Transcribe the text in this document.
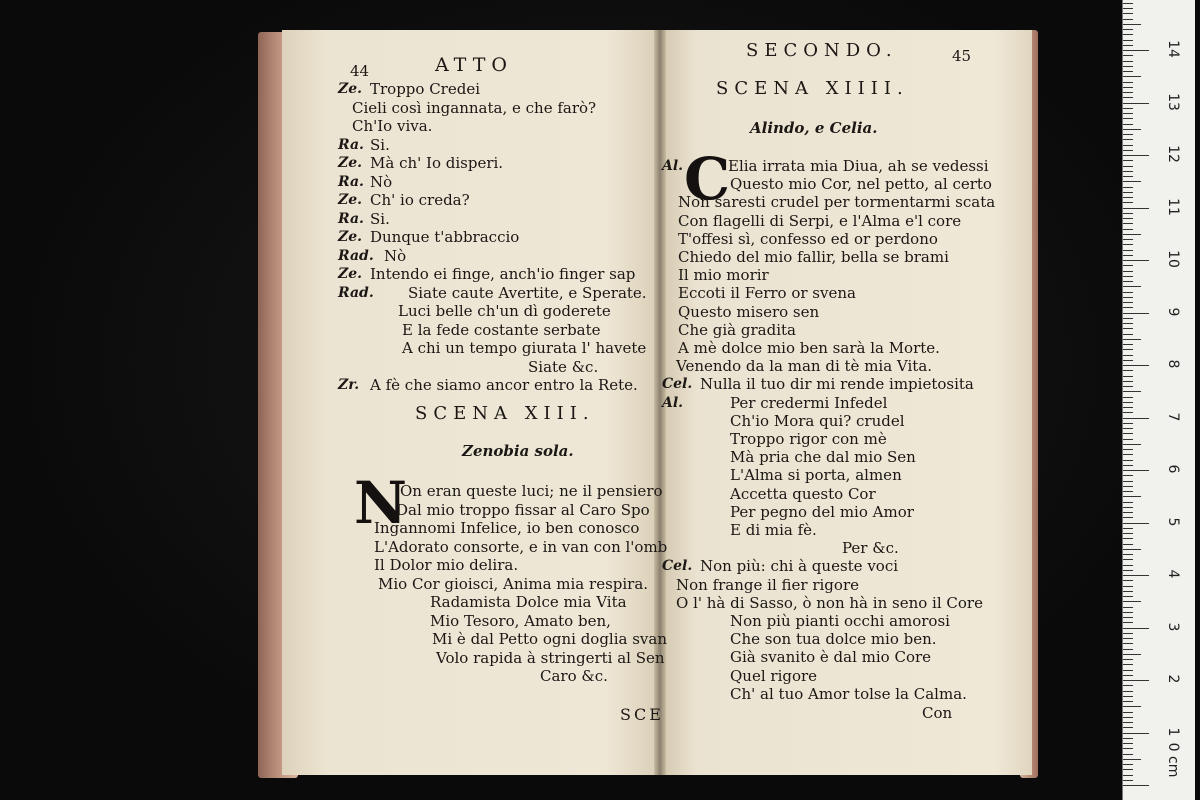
44	ATTO
Ze. Troppo Credei
Cieli così ingannata, e che farò?
Ch'Io viva.
Ra. Si.
Ze. Mà ch' Io disperi.
Ra. Nò
Ze. Ch' io creda?
Ra. Si.
Ze. Dunque t'abbraccio
Rad. Nò
Ze. Intendo ei finge, anch'io finger sap
Rad. Siate caute Avertite, e Sperate.
Luci belle ch'un dì goderete
E la fede costante serbate
A chi un tempo giurata l' havete
Siate &c.
Zr. A fè che siamo ancor entro la Rete.
SCENA XIII.
Zenobia sola.
N
On eran queste luci; ne il pensiero
Dal mio troppo fissar al Caro Spo
Ingannomi Infelice, io ben conosco
L'Adorato consorte, e in van con l'omb
Il Dolor mio delira.
Mio Cor gioisci, Anima mia respira.
Radamista Dolce mia Vita
Mio Tesoro, Amato ben,
Mi è dal Petto ogni doglia svan
Volo rapida à stringerti al Sen
Caro &c.
SCE
SECONDO.	45
SCENA XIIII.
Alindo, e Celia.
C
Al.	Elia irrata mia Diua, ah se vedessi
Questo mio Cor, nel petto, al certo
Non saresti crudel per tormentarmi scata
Con flagelli di Serpi, e l'Alma e'l core
T'offesi sì, confesso ed or perdono
Chiedo del mio fallir, bella se brami
Il mio morir
Eccoti il Ferro or svena
Questo misero sen
Che già gradita
A mè dolce mio ben sarà la Morte.
Venendo da la man di tè mia Vita.
Cel. Nulla il tuo dir mi rende impietosita
Al.	Per credermi Infedel
Ch'io Mora qui? crudel
Troppo rigor con mè
Mà pria che dal mio Sen
L'Alma si porta, almen
Accetta questo Cor
Per pegno del mio Amor
E di mia fè.
Per &c.
Cel. Non più: chi à queste voci
Non frange il fier rigore
O l' hà di Sasso, ò non hà in seno il Core
Non più pianti occhi amorosi
Che son tua dolce mio ben.
Già svanito è dal mio Core
Quel rigore
Ch' al tuo Amor tolse la Calma.
Con
0 cm
1
2
3
4
5
6
7
8
9
10
11
12
13
14
